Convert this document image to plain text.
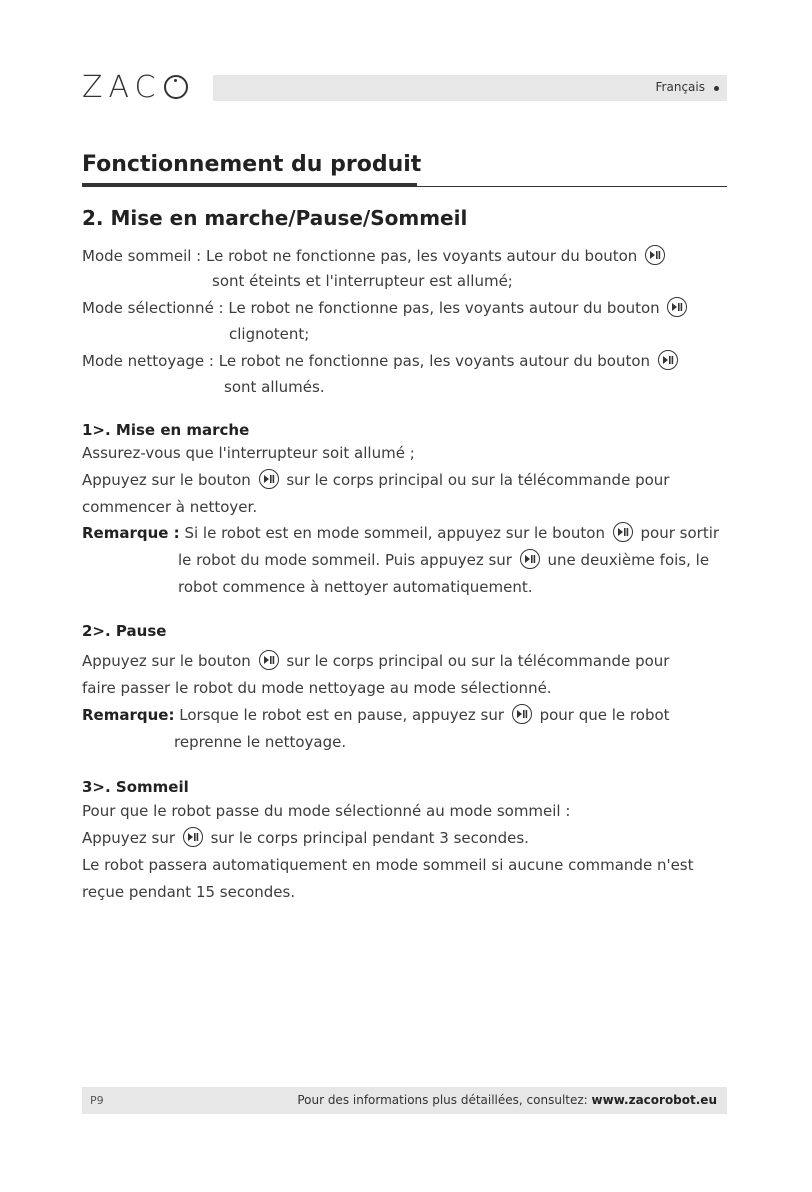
ZAC	Français
Fonctionnement du produit
2. Mise en marche/Pause/Sommeil
Mode sommeil : Le robot ne fonctionne pas, les voyants autour du bouton
sont éteints et l'interrupteur est allumé;
Mode sélectionné : Le robot ne fonctionne pas, les voyants autour du bouton
clignotent;
Mode nettoyage : Le robot ne fonctionne pas, les voyants autour du bouton
sont allumés.
1>. Mise en marche
Assurez-vous que l'interrupteur soit allumé ;
Appuyez sur le bouton sur le corps principal ou sur la télécommande pour
commencer à nettoyer.
Remarque : Si le robot est en mode sommeil, appuyez sur le bouton pour sortir
le robot du mode sommeil. Puis appuyez sur une deuxième fois, le
robot commence à nettoyer automatiquement.
2>. Pause
Appuyez sur le bouton sur le corps principal ou sur la télécommande pour
faire passer le robot du mode nettoyage au mode sélectionné.
Remarque: Lorsque le robot est en pause, appuyez sur pour que le robot
reprenne le nettoyage.
3>. Sommeil
Pour que le robot passe du mode sélectionné au mode sommeil :
Appuyez sur sur le corps principal pendant 3 secondes.
Le robot passera automatiquement en mode sommeil si aucune commande n'est
reçue pendant 15 secondes.
P9	Pour des informations plus détaillées, consultez: www.zacorobot.eu
